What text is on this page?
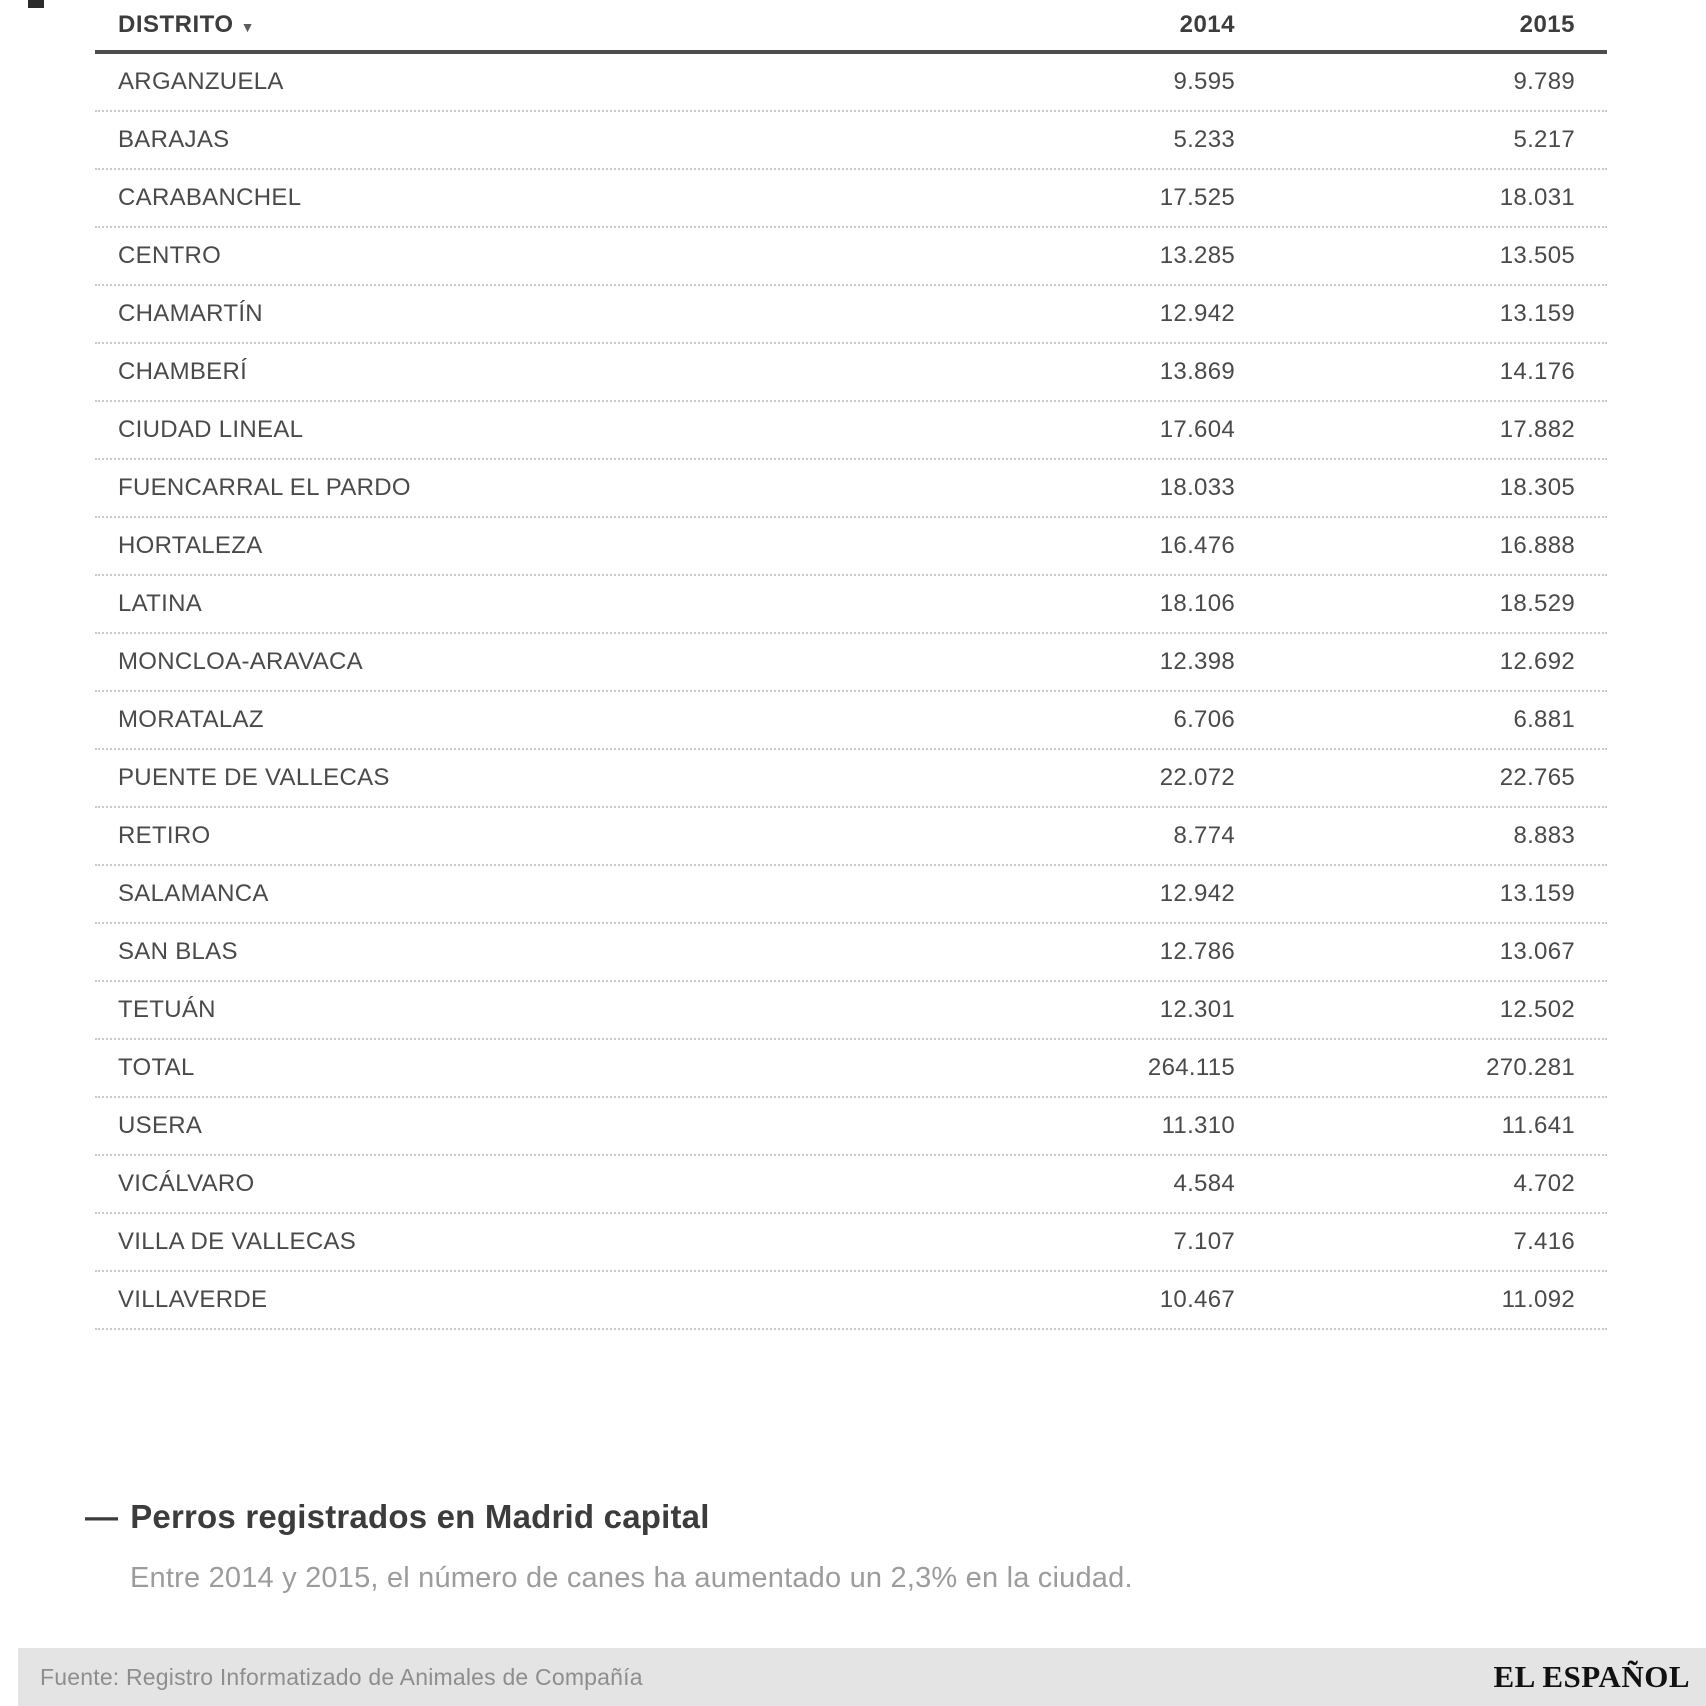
DISTRITO ▼	2014	2015
ARGANZUELA	9.595	9.789
BARAJAS	5.233	5.217
CARABANCHEL	17.525	18.031
CENTRO	13.285	13.505
CHAMARTÍN	12.942	13.159
CHAMBERÍ	13.869	14.176
CIUDAD LINEAL	17.604	17.882
FUENCARRAL EL PARDO	18.033	18.305
HORTALEZA	16.476	16.888
LATINA	18.106	18.529
MONCLOA-ARAVACA	12.398	12.692
MORATALAZ	6.706	6.881
PUENTE DE VALLECAS	22.072	22.765
RETIRO	8.774	8.883
SALAMANCA	12.942	13.159
SAN BLAS	12.786	13.067
TETUÁN	12.301	12.502
TOTAL	264.115	270.281
USERA	11.310	11.641
VICÁLVARO	4.584	4.702
VILLA DE VALLECAS	7.107	7.416
VILLAVERDE	10.467	11.092
— Perros registrados en Madrid capital
Entre 2014 y 2015, el número de canes ha aumentado un 2,3% en la ciudad.
Fuente: Registro Informatizado de Animales de Compañía	EL ESPAÑOL
